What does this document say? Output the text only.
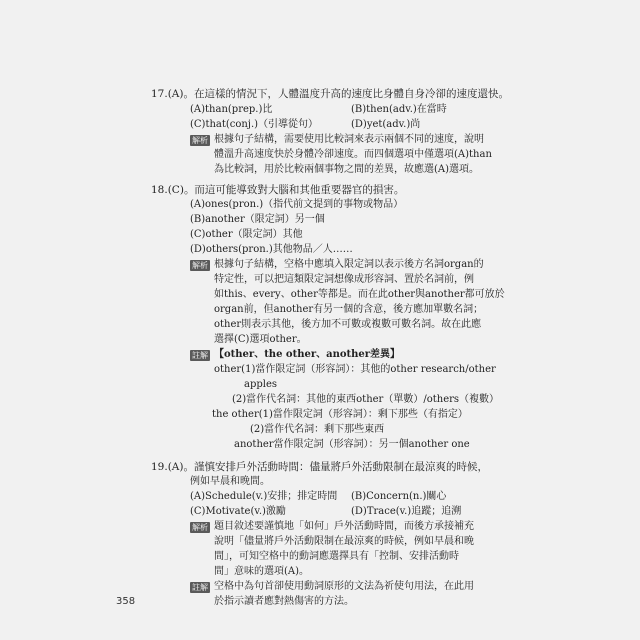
17.(A)。在這樣的情況下，人體溫度升高的速度比身體自身冷卻的速度還快。
(A)than(prep.)比	(B)then(adv.)在當時
(C)that(conj.)（引導從句）	(D)yet(adv.)尚
解析 根據句子結構，需要使用比較詞來表示兩個不同的速度，說明
體溫升高速度快於身體冷卻速度。而四個選項中僅選項(A)than
為比較詞，用於比較兩個事物之間的差異，故應選(A)選項。
18.(C)。而這可能導致對大腦和其他重要器官的損害。
(A)ones(pron.)（指代前文提到的事物或物品）
(B)another（限定詞）另一個
(C)other（限定詞）其他
(D)others(pron.)其他物品／人……
解析 根據句子結構，空格中應填入限定詞以表示後方名詞organ的
特定性，可以把這類限定詞想像成形容詞、置於名詞前，例
如this、every、other等都是。而在此other與another都可放於
organ前，但another有另一個的含意，後方應加單數名詞；
other則表示其他，後方加不可數或複數可數名詞。故在此應
選擇(C)選項other。
註解 【other、the other、another差異】
other(1)當作限定詞（形容詞）：其他的other research/other
apples
(2)當作代名詞：其他的東西other（單數）/others（複數）
the other(1)當作限定詞（形容詞）：剩下那些（有指定）
(2)當作代名詞：剩下那些東西
another當作限定詞（形容詞）：另一個another one
19.(A)。謹慎安排戶外活動時間：儘量將戶外活動限制在最涼爽的時候，
例如早晨和晚間。
(A)Schedule(v.)安排；排定時間 (B)Concern(n.)關心
(C)Motivate(v.)激勵	(D)Trace(v.)追蹤；追溯
解析 題目敘述要謹慎地「如何」戶外活動時間，而後方承接補充
說明「儘量將戶外活動限制在最涼爽的時候，例如早晨和晚
間」，可知空格中的動詞應選擇具有「控制、安排活動時
間」意味的選項(A)。
註解 空格中為句首卻使用動詞原形的文法為祈使句用法，在此用
於指示讀者應對熱傷害的方法。
358
